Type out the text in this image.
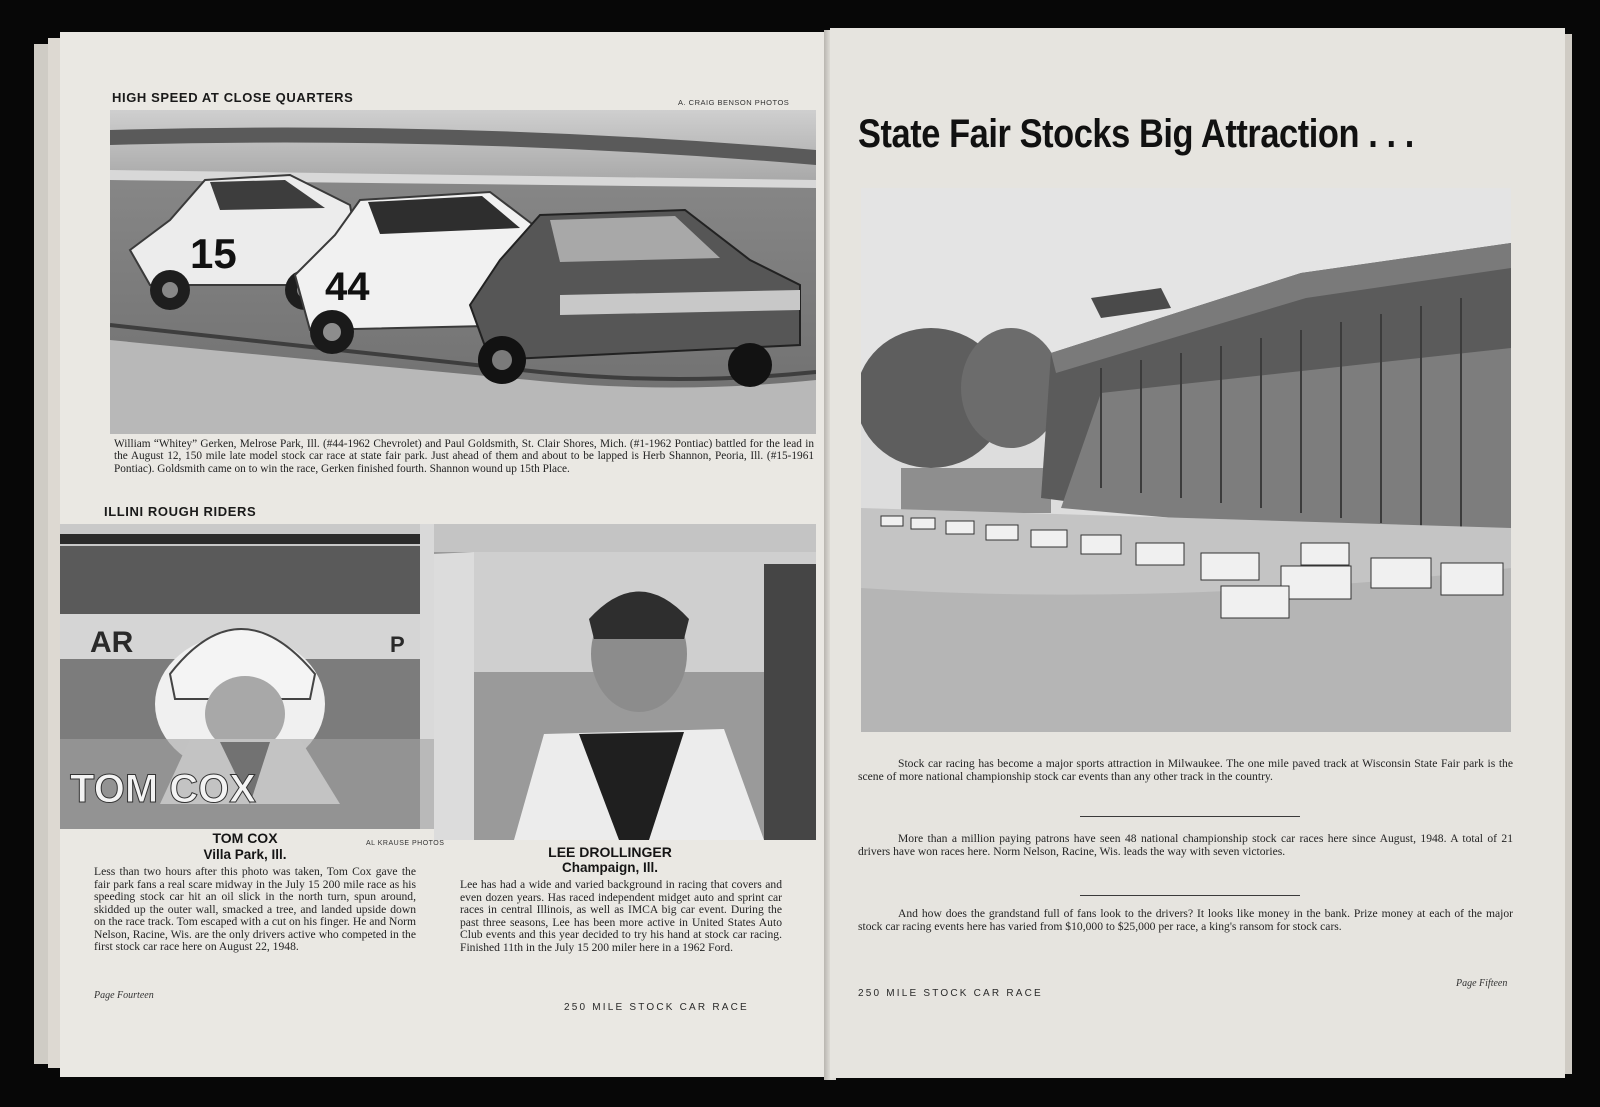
HIGH SPEED AT CLOSE QUARTERS	A. CRAIG BENSON PHOTOS
15
44

William “Whitey” Gerken, Melrose Park, Ill. (#44-1962 Chevrolet) and Paul Goldsmith, St. Clair Shores, Mich. (#1-1962 Pontiac) battled for the lead in the August 12, 150 mile late model stock car race at state fair park. Just ahead of them and about to be lapped is Herb Shannon, Peoria, Ill. (#15-1961 Pontiac). Goldsmith came on to win the race, Gerken finished fourth. Shannon wound up 15th Place.

ILLINI ROUGH RIDERS
AR	P
TOM COX
AL KRAUSE PHOTOS
TOM COX
Villa Park, Ill.

Less than two hours after this photo was taken, Tom Cox gave the fair park fans a real scare midway in the July 15 200 mile race as his speeding stock car hit an oil slick in the north turn, spun around, skidded up the outer wall, smacked a tree, and landed upside down on the race track. Tom escaped with a cut on his finger. He and Norm Nelson, Racine, Wis. are the only drivers active who competed in the first stock car race here on August 22, 1948.

LEE DROLLINGER
Champaign, Ill.

Lee has had a wide and varied background in racing that covers and even dozen years. Has raced independent midget auto and sprint car races in central Illinois, as well as IMCA big car event. During the past three seasons, Lee has been more active in United States Auto Club events and this year decided to try his hand at stock car racing. Finished 11th in the July 15 200 miler here in a 1962 Ford.

Page Fourteen
250 MILE STOCK CAR RACE
State Fair Stocks Big Attraction . . .

Stock car racing has become a major sports attraction in Milwaukee. The one mile paved track at Wisconsin State Fair park is the scene of more national championship stock car events than any other track in the country.

More than a million paying patrons have seen 48 national championship stock car races here since August, 1948. A total of 21 drivers have won races here. Norm Nelson, Racine, Wis. leads the way with seven victories.

And how does the grandstand full of fans look to the drivers? It looks like money in the bank. Prize money at each of the major stock car racing events here has varied from $10,000 to $25,000 per race, a king's ransom for stock cars.

250 MILE STOCK CAR RACE
Page Fifteen
